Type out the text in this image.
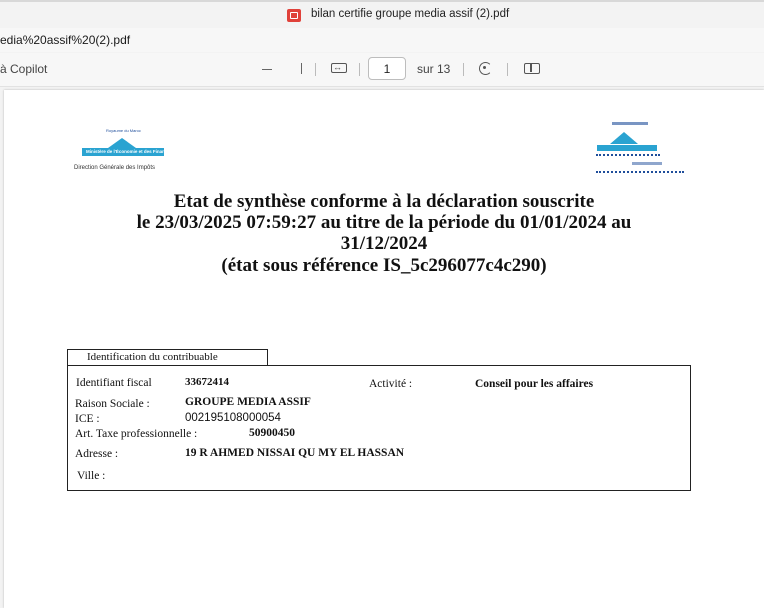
bilan certifie groupe media assif (2).pdf
edia%20assif%20(2).pdf
à Copilot
↔
1	sur 13
Royaume du Maroc
Ministère de l'Économie et des Finances
Direction Générale des Impôts
Etat de synthèse conforme à la déclaration souscrite
le 23/03/2025 07:59:27 au titre de la période du 01/01/2024 au
31/12/2024
(état sous référence IS_5c296077c4c290)
Identification du contribuable
Identifiant fiscal	33672414	Activité :	Conseil pour les affaires
Raison Sociale :	GROUPE MEDIA ASSIF
ICE :	002195108000054
Art. Taxe professionnelle :	50900450
Adresse :	19 R AHMED NISSAI QU MY EL HASSAN
Ville :
